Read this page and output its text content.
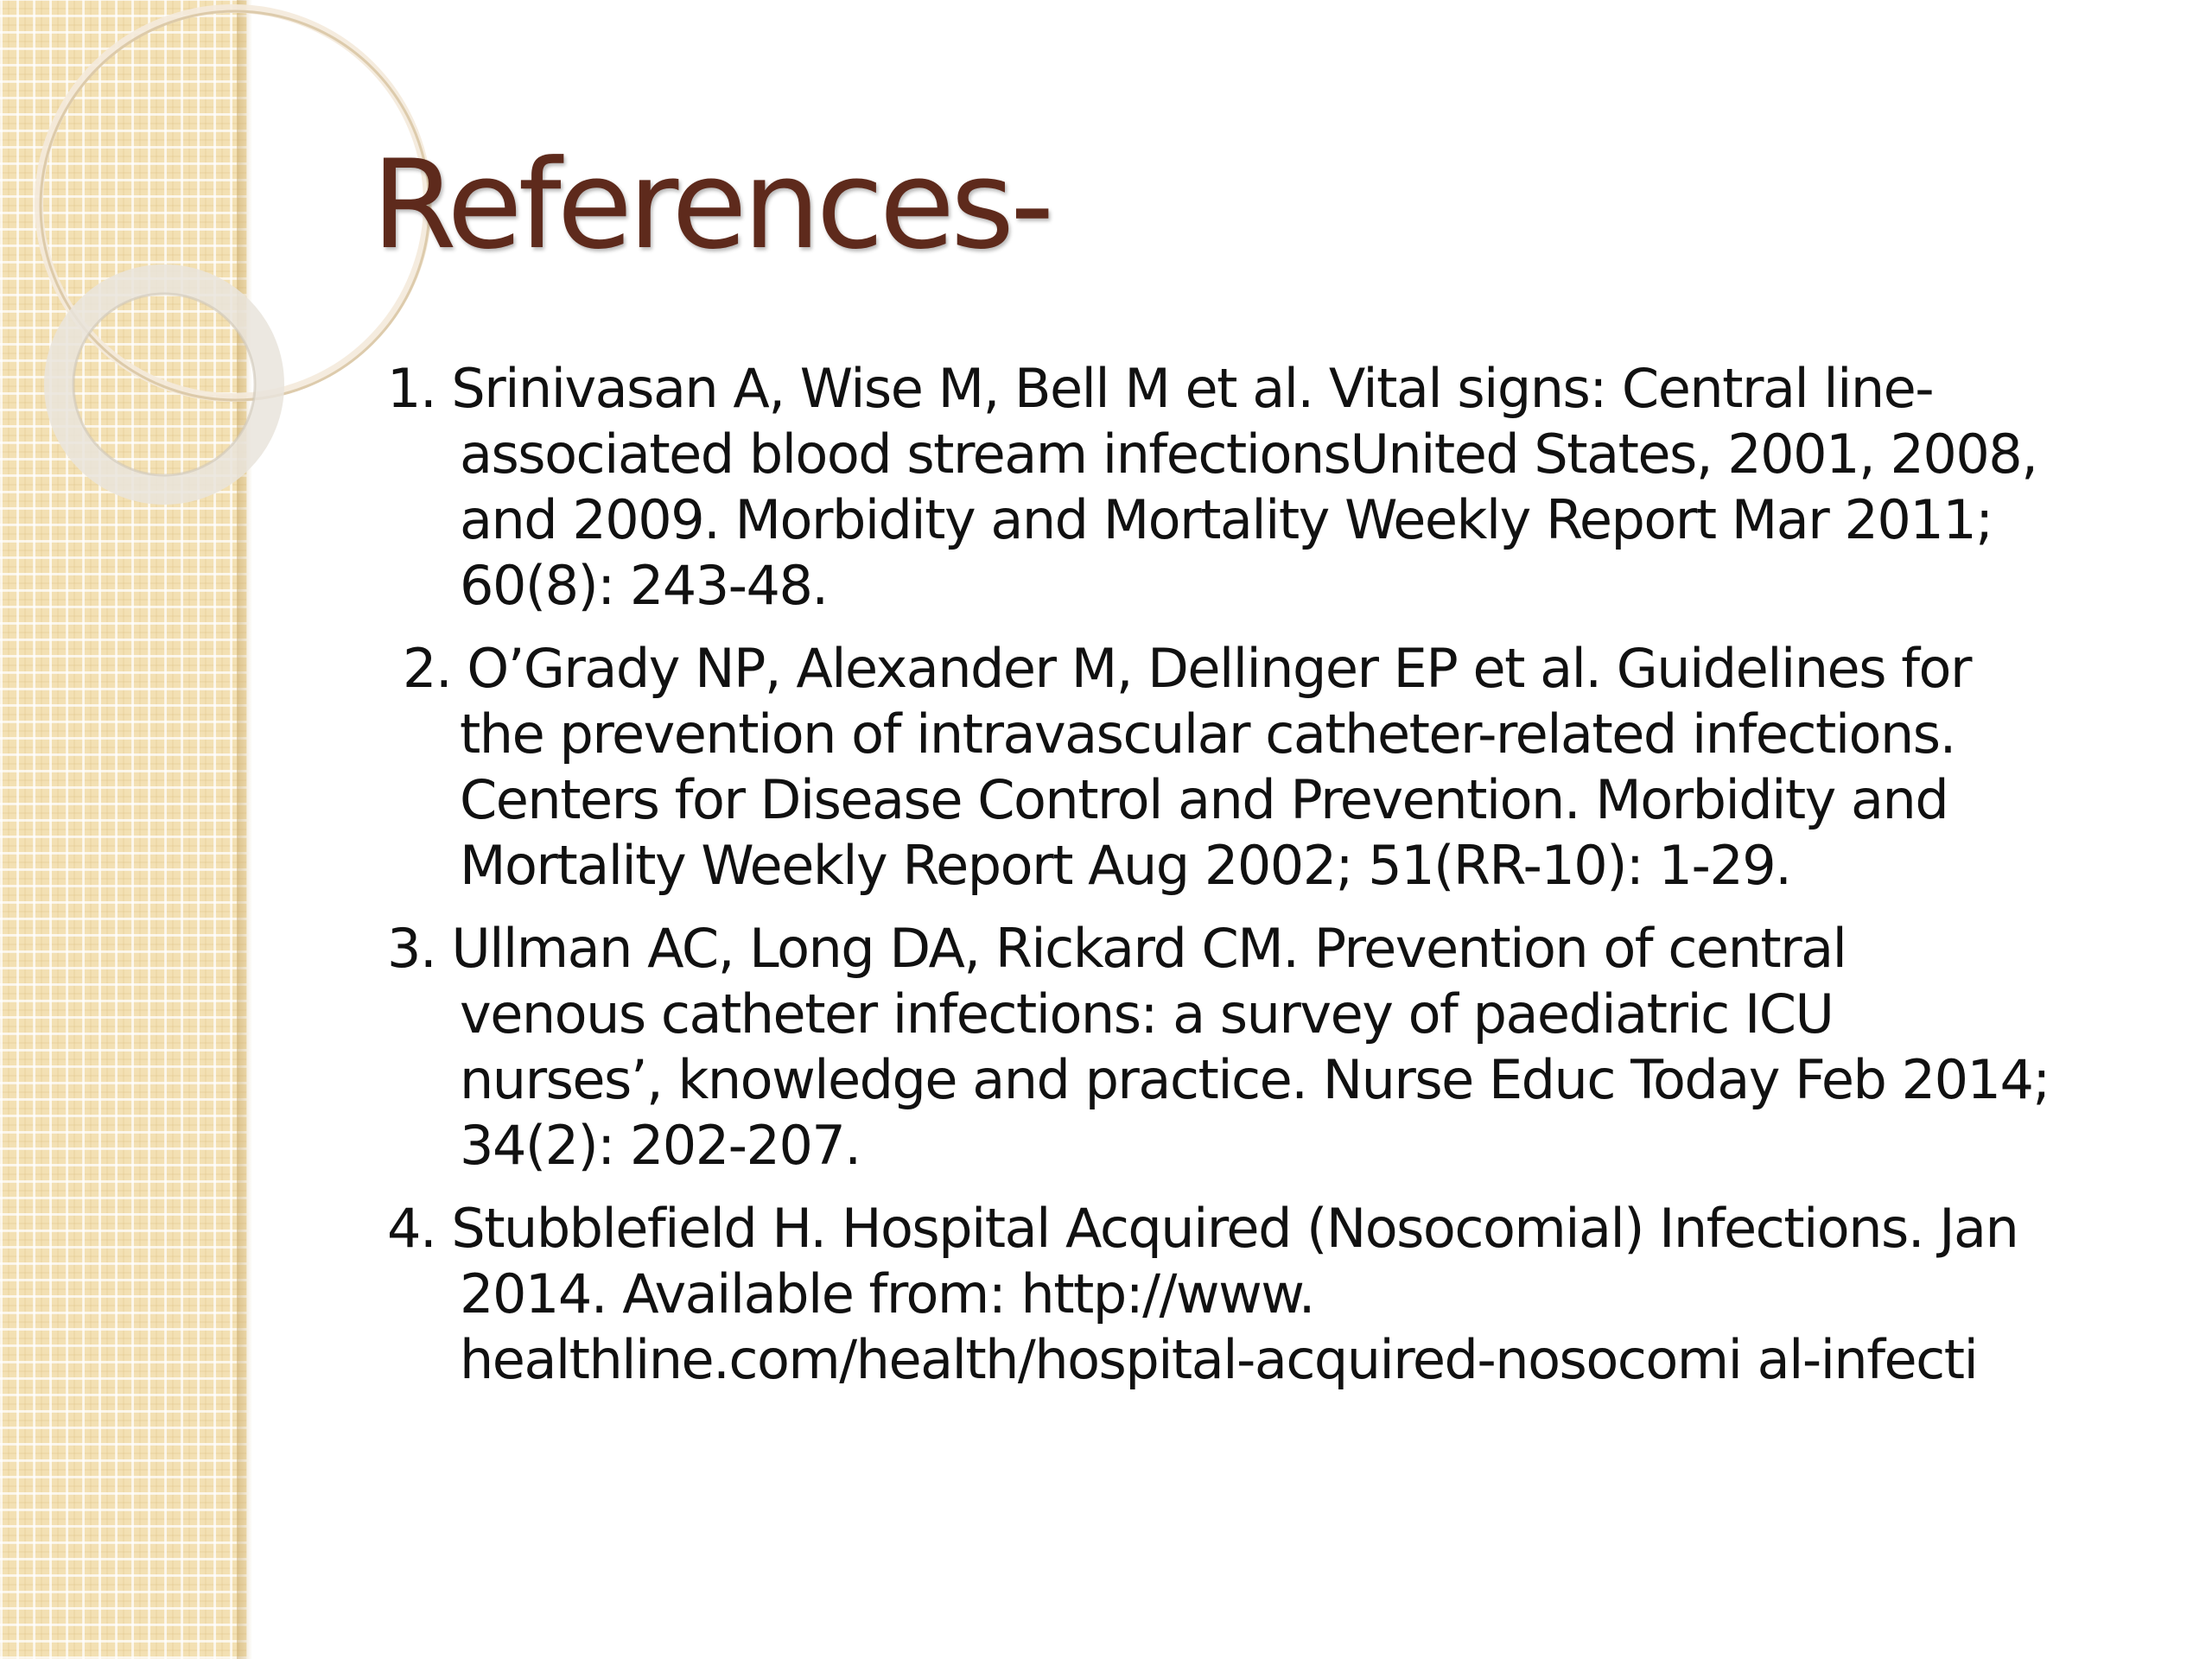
References-
1. Srinivasan A, Wise M, Bell M et al. Vital signs: Central line-
associated blood stream infectionsUnited States, 2001, 2008,
and 2009. Morbidity and Mortality Weekly Report Mar 2011;
60(8): 243-48.
2. O’Grady NP, Alexander M, Dellinger EP et al. Guidelines for
the prevention of intravascular catheter-related infections.
Centers for Disease Control and Prevention. Morbidity and
Mortality Weekly Report Aug 2002; 51(RR-10): 1-29.
3. Ullman AC, Long DA, Rickard CM. Prevention of central
venous catheter infections: a survey of paediatric ICU
nurses’, knowledge and practice. Nurse Educ Today Feb 2014;
34(2): 202-207.
4. Stubblefield H. Hospital Acquired (Nosocomial) Infections. Jan
2014. Available from: http://www.
healthline.com/health/hospital-acquired-nosocomi al-infecti
